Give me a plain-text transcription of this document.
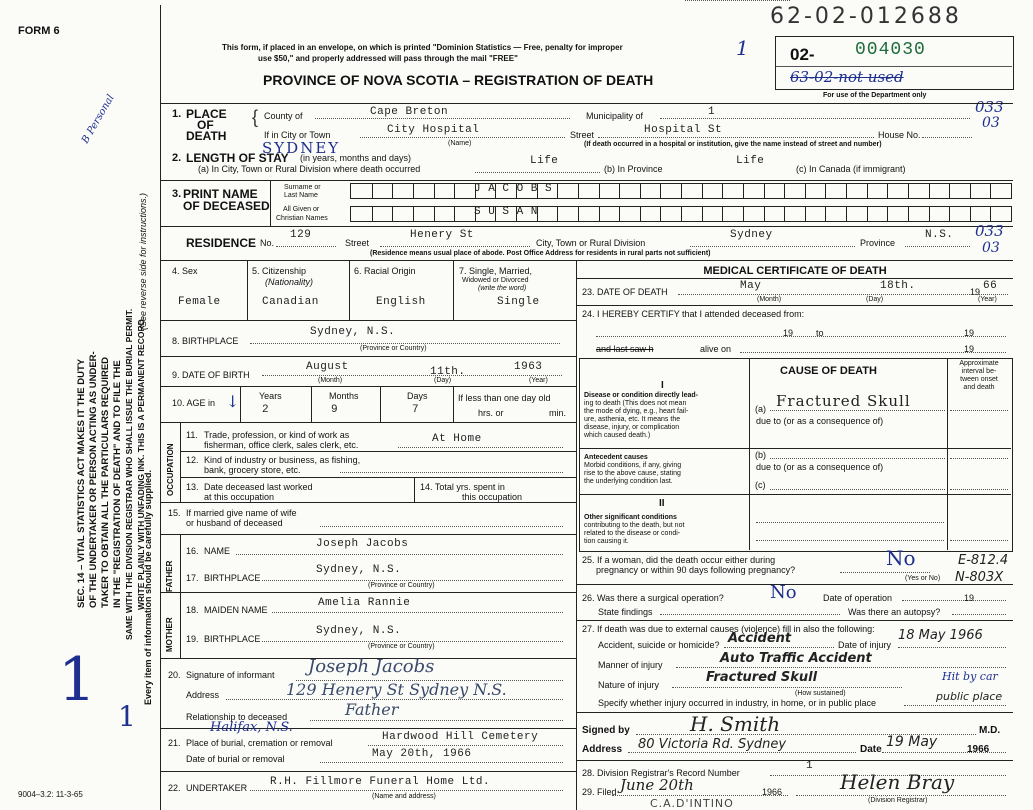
FORM 6
62-02-012688
This form, if placed in an envelope, on which is printed "Dominion Statistics — Free, penalty for improper
use $50," and properly addressed will pass through the mail "FREE"	1
PROVINCE OF NOVA SCOTIA – REGISTRATION OF DEATH
02- 004030
63-02-not used
For use of the Department only
033
03
SEC. 14 – VITAL STATISTICS ACT MAKES IT THE DUTY OF THE UNDERTAKER OR PERSON ACTING AS UNDER- TAKER TO OBTAIN ALL THE PARTICULARS REQUIRED IN THE "REGISTRATION OF DEATH" AND TO FILE THE SAME WITH THE DIVISION REGISTRAR WHO SHALL ISSUE THE BURIAL PERMIT. WRITE PLAINLY WITH UNFADING INK. THIS IS A PERMANENT RECORD.
(See reverse side for instructions.)
Every item of information should be carefully supplied.
B Personal
1
1
1. PLACE
OF
DEATH
{ County of	Cape Breton	Municipality of	1
If in City or Town
SYDNEY
City Hospital
(Name)
Street	Hospital St	House No.
(If death occurred in a hospital or institution, give the name instead of street and number)
2. LENGTH OF STAY (in years, months and days)
(a) In City, Town or Rural Division where death occurred
Life
(b) In Province
Life
(c) In Canada (if immigrant)
3. PRINT NAME
OF DECEASED
Surname or
Last Name
All Given or
Christian Names
JACOBS
SUSAN
RESIDENCE No.
129
Street
Henery St
City, Town or Rural Division
Sydney
Province
N.S. 033
03
(Residence means usual place of abode. Post Office Address for residents in rural parts not sufficient)
4. Sex
Female
5. Citizenship
(Nationality)
Canadian
6. Racial Origin
English
7. Single, Married,
Widowed or Divorced
(write the word)
Single
8. BIRTHPLACE
Sydney, N.S.
(Province or Country)
9. DATE OF BIRTH
August	11th.	1963
(Month)	(Day)	(Year)
10. AGE in ↓ Years	Months	Days
2	9	7
If less than one day old
hrs. or	min.
OCCUPATION
11. Trade, profession, or kind of work as
fisherman, office clerk, sales clerk, etc.	At Home
12. Kind of industry or business, as fishing,
bank, grocery store, etc.
13. Date deceased last worked
at this occupation
14. Total yrs. spent in
this occupation
15. If married give name of wife
or husband of deceased
FATHER
16. NAME
Joseph Jacobs
17. BIRTHPLACE
Sydney, N.S.
(Province or Country)
MOTHER
18. MAIDEN NAME
Amelia Rannie
19. BIRTHPLACE
Sydney, N.S.
(Province or Country)
20. Signature of informant Joseph Jacobs
Address	129 Henery St Sydney N.S.
Father
Relationship to deceased
Halifax, N.S.
21. Place of burial, cremation or removal	Hardwood Hill Cemetery
Date of burial or removal	May 20th, 1966
22. UNDERTAKER R.H. Fillmore Funeral Home Ltd.
(Name and address)
9004–3.2: 11-3-65
MEDICAL CERTIFICATE OF DEATH
23. DATE OF DEATH	May	18th.	19 66
(Month)	(Day)	(Year)
24. I HEREBY CERTIFY that I attended deceased from:
19	to	19
and last saw h	alive on	19
CAUSE OF DEATH
Approximate
interval be-
tween onset
and death
I
Disease or condition directly lead-
ing to death (This does not mean
the mode of dying, e.g., heart fail-
ure, asthenia, etc. It means the
disease, injury, or complication
which caused death.)
(a) Fractured Skull
due to (or as a consequence of)
Antecedent causes
Morbid conditions, if any, giving
rise to the above cause, stating
the underlying condition last.
(b)
due to (or as a consequence of)
(c)
II
Other significant conditions
contributing to the death, but not
related to the disease or condi-
tion causing it.
25. If a woman, did the death occur either during
pregnancy or within 90 days following pregnancy?	No
(Yes or No)
E-812.4
N-803X
26. Was there a surgical operation?	No	Date of operation	19
State findings	Was there an autopsy?
27. If death was due to external causes (violence) fill in also the following:
Accident, suicide or homicide? Accident	Date of injury
18 May 1966
Manner of injury	Auto Traffic Accident
Nature of injury	Fractured Skull
(How sustained)
Hit by car
Specify whether injury occurred in industry, in home, or in public place	public place
Signed by	H. Smith	M.D.
Address 80 Victoria Rd. Sydney	Date 19 May	1966
28. Division Registrar's Record Number
1
29. Filed June 20th	1966	Helen Bray
(Division Registrar)
C.A.D'INTINO
